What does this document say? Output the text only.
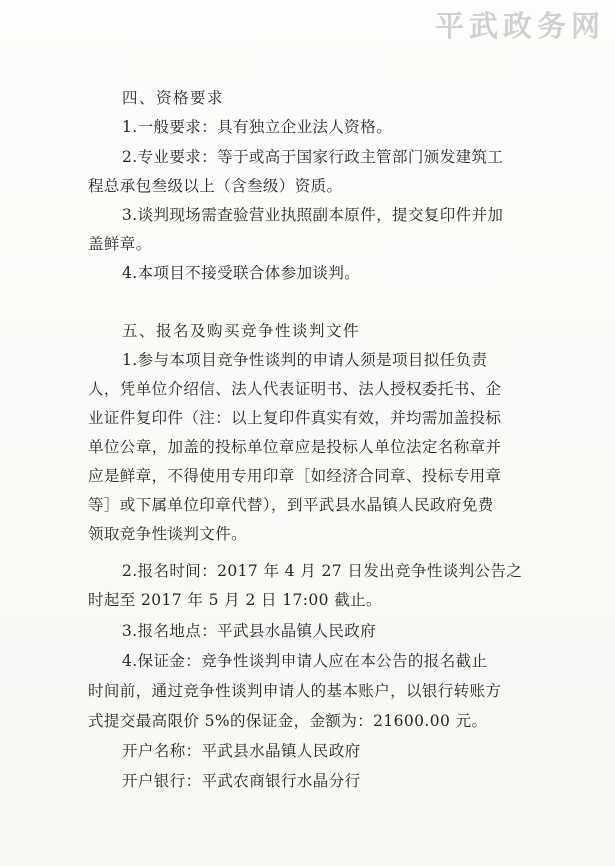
平武政务网
四、资格要求
1.一般要求：具有独立企业法人资格。
2.专业要求：等于或高于国家行政主管部门颁发建筑工
程总承包叁级以上（含叁级）资质。
3.谈判现场需查验营业执照副本原件，提交复印件并加
盖鲜章。
4.本项目不接受联合体参加谈判。
五、报名及购买竞争性谈判文件
1.参与本项目竞争性谈判的申请人须是项目拟任负责
人，凭单位介绍信、法人代表证明书、法人授权委托书、企
业证件复印件（注：以上复印件真实有效，并均需加盖投标
单位公章，加盖的投标单位章应是投标人单位法定名称章并
应是鲜章，不得使用专用印章［如经济合同章、投标专用章
等］或下属单位印章代替），到平武县水晶镇人民政府免费
领取竞争性谈判文件。
2.报名时间：2017 年 4 月 27 日发出竞争性谈判公告之
时起至 2017 年 5 月 2 日 17:00 截止。
3.报名地点：平武县水晶镇人民政府
4.保证金：竞争性谈判申请人应在本公告的报名截止
时间前，通过竞争性谈判申请人的基本账户，以银行转账方
式提交最高限价 5%的保证金，金额为：21600.00 元。
开户名称：平武县水晶镇人民政府
开户银行：平武农商银行水晶分行
